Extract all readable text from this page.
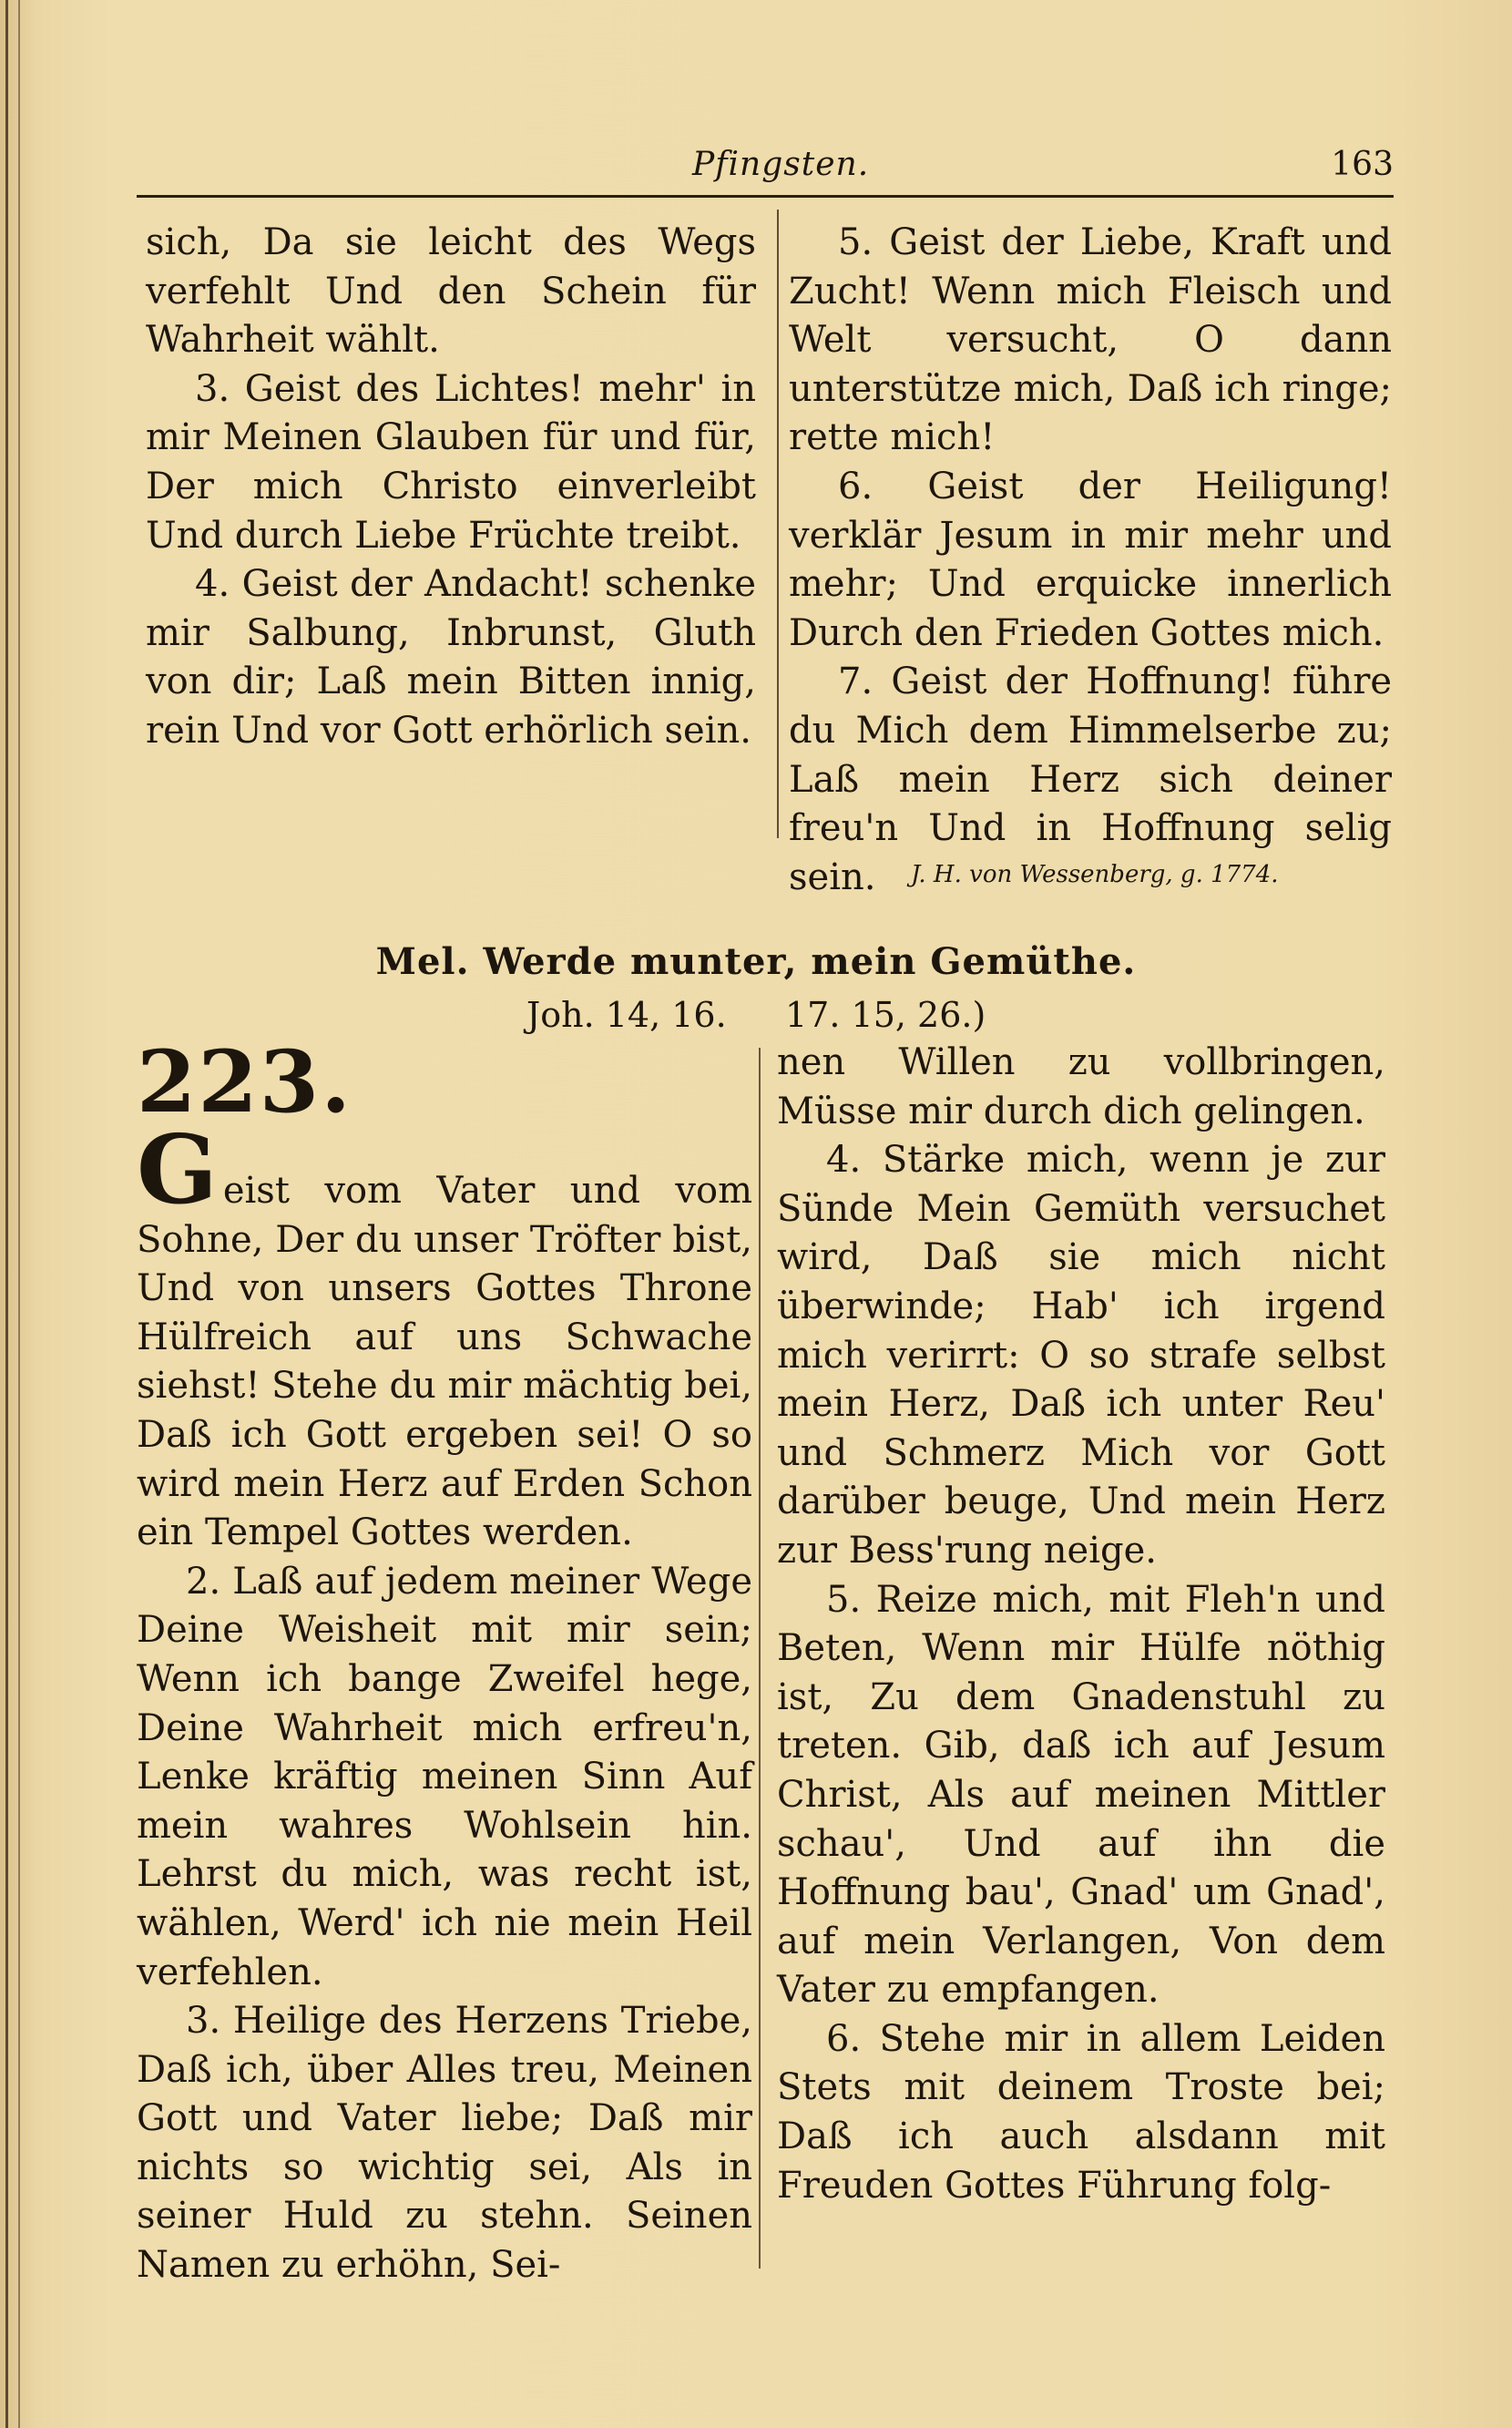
Pfingsten.	163

sich, Da sie leicht des Wegs verfehlt Und den Schein für Wahrheit wählt.

3. Geist des Lichtes! mehr' in mir Meinen Glauben für und für, Der mich Christo einverleibt Und durch Liebe Früchte treibt.

4. Geist der Andacht! schenke mir Salbung, Inbrunst, Gluth von dir; Laß mein Bitten innig, rein Und vor Gott erhörlich sein.

5. Geist der Liebe, Kraft und Zucht! Wenn mich Fleisch und Welt versucht, O dann unterstütze mich, Daß ich ringe; rette mich!

6. Geist der Heiligung! verklär Jesum in mir mehr und mehr; Und erquicke innerlich Durch den Frieden Gottes mich.

7. Geist der Hoffnung! führe du Mich dem Himmelserbe zu; Laß mein Herz sich deiner freu'n Und in Hoffnung selig sein.	J. H. von Wessenberg, g. 1774.
Mel. Werde munter, mein Gemüthe.
Joh. 14, 16. 17. 15, 26.)
223.

Geist vom Vater und vom Sohne, Der du unser Tröfter bist, Und von unsers Gottes Throne Hülfreich auf uns Schwache siehst! Stehe du mir mächtig bei, Daß ich Gott ergeben sei! O so wird mein Herz auf Erden Schon ein Tempel Gottes werden.

2. Laß auf jedem meiner Wege Deine Weisheit mit mir sein; Wenn ich bange Zweifel hege, Deine Wahrheit mich erfreu'n, Lenke kräftig meinen Sinn Auf mein wahres Wohlsein hin. Lehrst du mich, was recht ist, wählen, Werd' ich nie mein Heil verfehlen.

3. Heilige des Herzens Triebe, Daß ich, über Alles treu, Meinen Gott und Vater liebe; Daß mir nichts so wichtig sei, Als in seiner Huld zu stehn. Seinen Namen zu erhöhn, Sei-

nen Willen zu vollbringen, Müsse mir durch dich gelingen.

4. Stärke mich, wenn je zur Sünde Mein Gemüth versuchet wird, Daß sie mich nicht überwinde; Hab' ich irgend mich verirrt: O so strafe selbst mein Herz, Daß ich unter Reu' und Schmerz Mich vor Gott darüber beuge, Und mein Herz zur Bess'rung neige.

5. Reize mich, mit Fleh'n und Beten, Wenn mir Hülfe nöthig ist, Zu dem Gnadenstuhl zu treten. Gib, daß ich auf Jesum Christ, Als auf meinen Mittler schau', Und auf ihn die Hoffnung bau', Gnad' um Gnad', auf mein Verlangen, Von dem Vater zu empfangen.

6. Stehe mir in allem Leiden Stets mit deinem Troste bei; Daß ich auch alsdann mit Freuden Gottes Führung folg-
